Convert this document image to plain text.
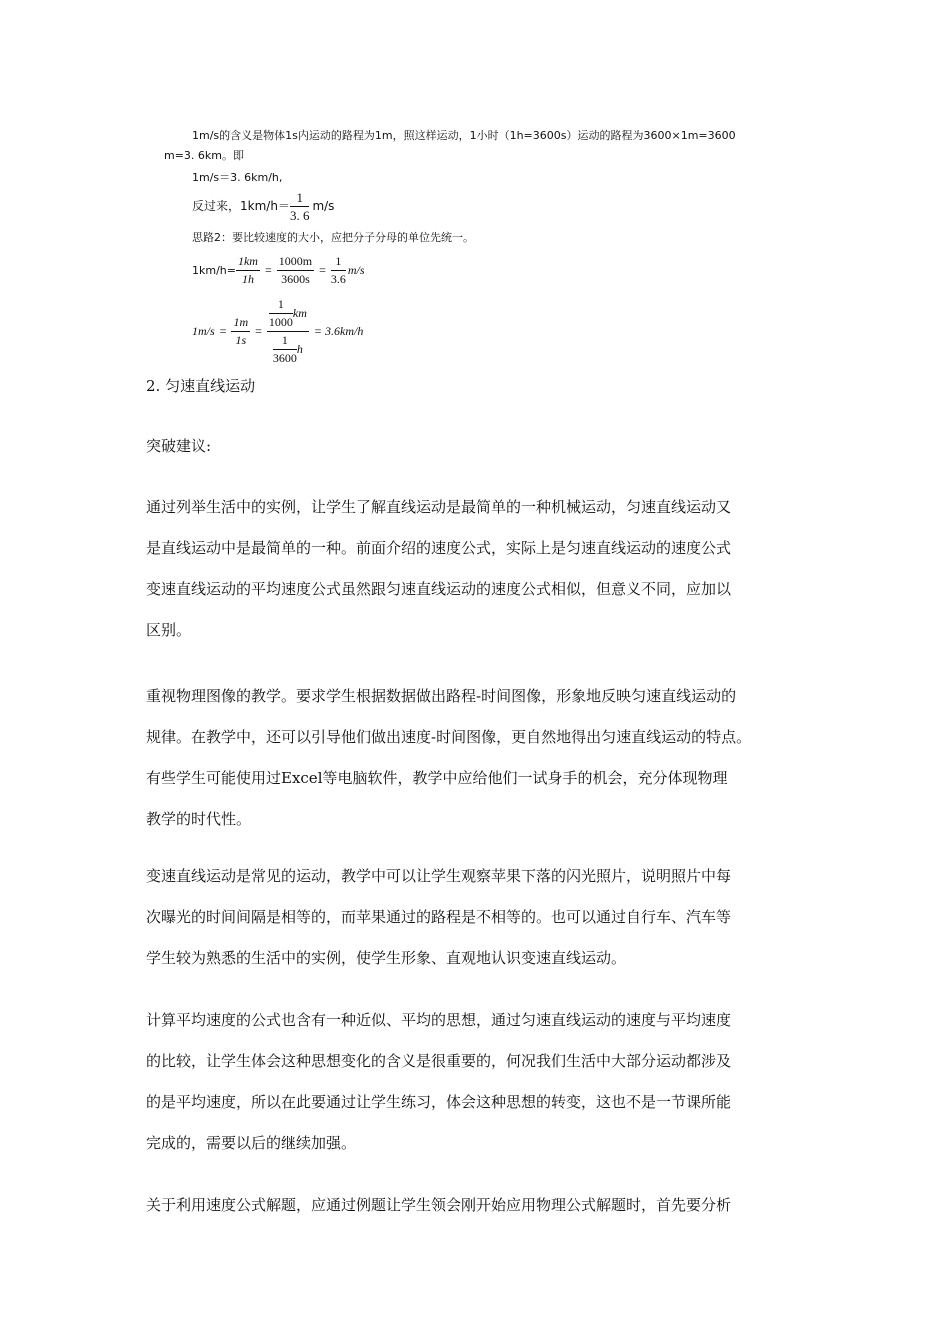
1m/s的含义是物体1s内运动的路程为1m，照这样运动，1小时（1h=3600s）运动的路程为3600×1m=3600
m=3. 6km。即
1m/s＝3. 6km/h,
反过来，$1km/h= \frac{1}{3. 6} m/s$
思路2：要比较速度的大小，应把分子分母的单位先统一。
$1km/h= \frac{1km}{1h} = \frac{1000m}{3600s} = \frac{1}{3.6} m/s$
$1m/s = \frac{1m}{1s} = \frac{\frac{1}{1000} km}{\frac{1}{3600} h} = 3.6km/h$
2. 匀速直线运动
突破建议:
通过列举生活中的实例，让学生了解直线运动是最简单的一种机械运动，匀速直线运动又
是直线运动中是最简单的一种。前面介绍的速度公式，实际上是匀速直线运动的速度公式
变速直线运动的平均速度公式虽然跟匀速直线运动的速度公式相似，但意义不同，应加以
区别。
重视物理图像的教学。要求学生根据数据做出路程-时间图像，形象地反映匀速直线运动的
规律。在教学中，还可以引导他们做出速度-时间图像，更自然地得出匀速直线运动的特点。
有些学生可能使用过Excel等电脑软件，教学中应给他们一试身手的机会，充分体现物理
教学的时代性。
变速直线运动是常见的运动，教学中可以让学生观察苹果下落的闪光照片，说明照片中每
次曝光的时间间隔是相等的，而苹果通过的路程是不相等的。也可以通过自行车、汽车等
学生较为熟悉的生活中的实例，使学生形象、直观地认识变速直线运动。
计算平均速度的公式也含有一种近似、平均的思想，通过匀速直线运动的速度与平均速度
的比较，让学生体会这种思想变化的含义是很重要的，何况我们生活中大部分运动都涉及
的是平均速度，所以在此要通过让学生练习，体会这种思想的转变，这也不是一节课所能
完成的，需要以后的继续加强。
关于利用速度公式解题，应通过例题让学生领会刚开始应用物理公式解题时，首先要分析
